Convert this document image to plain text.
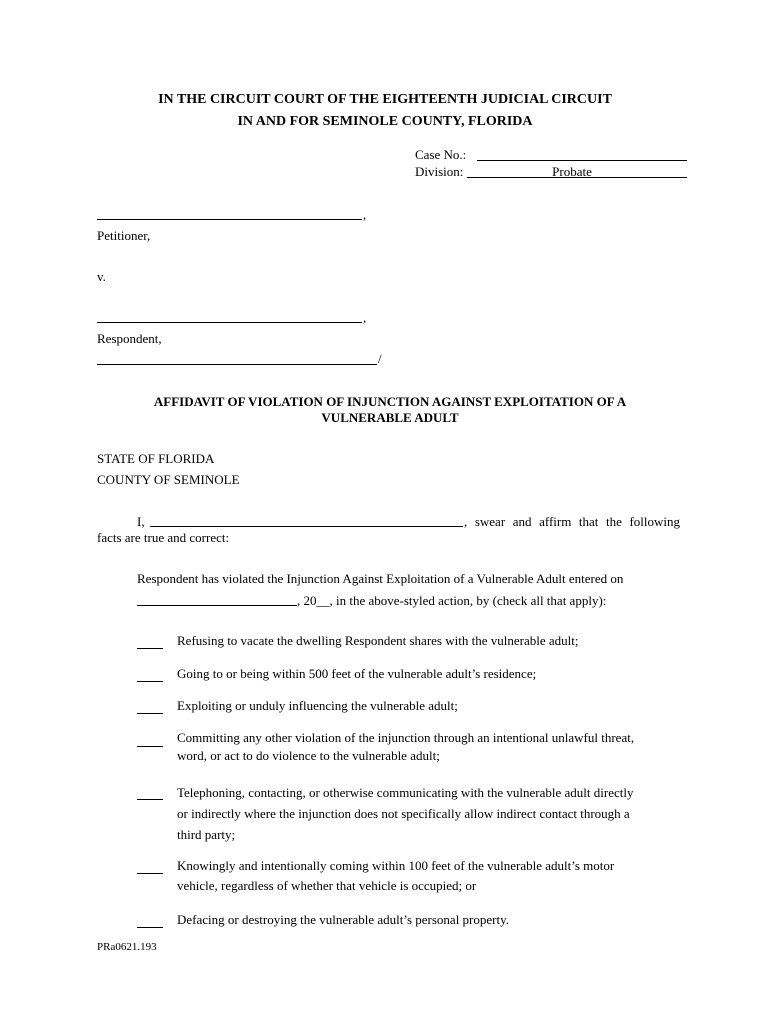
IN THE CIRCUIT COURT OF THE EIGHTEENTH JUDICIAL CIRCUIT
IN AND FOR SEMINOLE COUNTY, FLORIDA
Case No.:
Division:	Probate
,
Petitioner,
v.
,
Respondent,
/
AFFIDAVIT OF VIOLATION OF INJUNCTION AGAINST EXPLOITATION OF A
VULNERABLE ADULT
STATE OF FLORIDA
COUNTY OF SEMINOLE
I,	, swear and affirm that the following
facts are true and correct:
Respondent has violated the Injunction Against Exploitation of a Vulnerable Adult entered on
, 20__, in the above-styled action, by (check all that apply):
Refusing to vacate the dwelling Respondent shares with the vulnerable adult;
Going to or being within 500 feet of the vulnerable adult’s residence;
Exploiting or unduly influencing the vulnerable adult;
Committing any other violation of the injunction through an intentional unlawful threat,
word, or act to do violence to the vulnerable adult;
Telephoning, contacting, or otherwise communicating with the vulnerable adult directly
or indirectly where the injunction does not specifically allow indirect contact through a
third party;
Knowingly and intentionally coming within 100 feet of the vulnerable adult’s motor
vehicle, regardless of whether that vehicle is occupied; or
Defacing or destroying the vulnerable adult’s personal property.
PRa0621.193
